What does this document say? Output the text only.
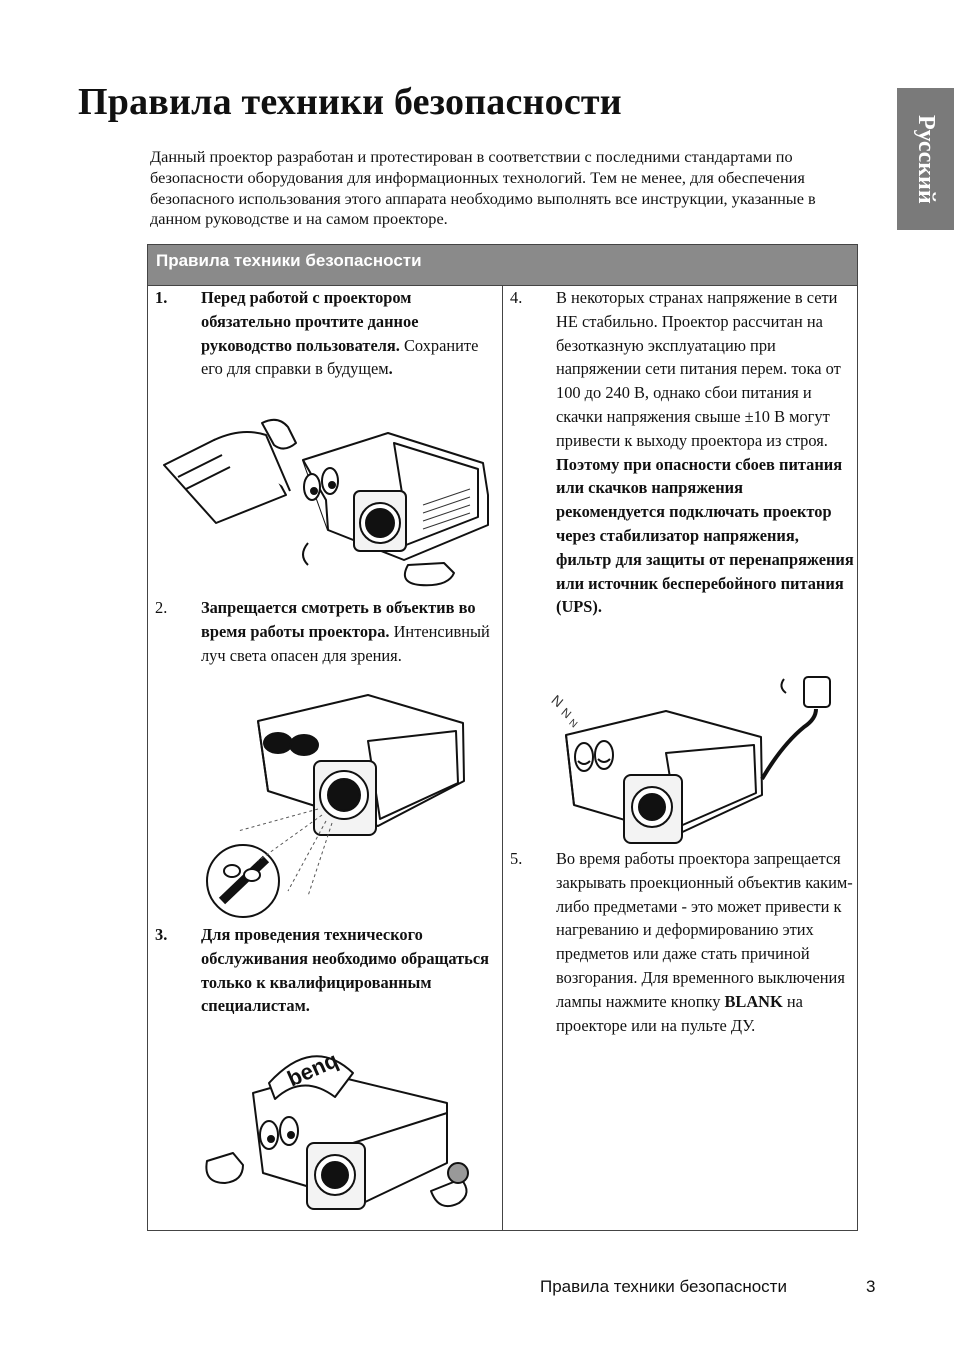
Правила техники безопасности
Русский

Данный проектор разработан и протестирован в соответствии с последними стандартами по безопасности оборудования для информационных технологий. Тем не менее, для обеспечения безопасного использования этого аппарата необходимо выполнять все инструкции, указанные в данном руководстве и на самом проекторе.

Правила техники безопасности
1. Перед работой с проектором обязательно прочтите данное руководство пользователя. Сохраните его для справки в будущем.
2. Запрещается смотреть в объектив во время работы проектора. Интенсивный луч света опасен для зрения.
3. Для проведения технического обслуживания необходимо обращаться только к квалифицированным специалистам.
benq
4. В некоторых странах напряжение в сети НЕ стабильно. Проектор рассчитан на безотказную эксплуатацию при напряжении сети питания перем. тока от 100 до 240 В, однако сбои питания и скачки напряжения свыше ±10 В могут привести к выходу проектора из строя. Поэтому при опасности сбоев питания или скачков напряжения рекомендуется подключать проектор через стабилизатор напряжения, фильтр для защиты от перенапряжения или источник бесперебойного питания (UPS).
N
N
N
5. Во время работы проектора запрещается закрывать проекционный объектив каким-либо предметами - это может привести к нагреванию и деформированию этих предметов или даже стать причиной возгорания. Для временного выключения лампы нажмите кнопку BLANK на проекторе или на пульте ДУ.
Правила техники безопасности	3
